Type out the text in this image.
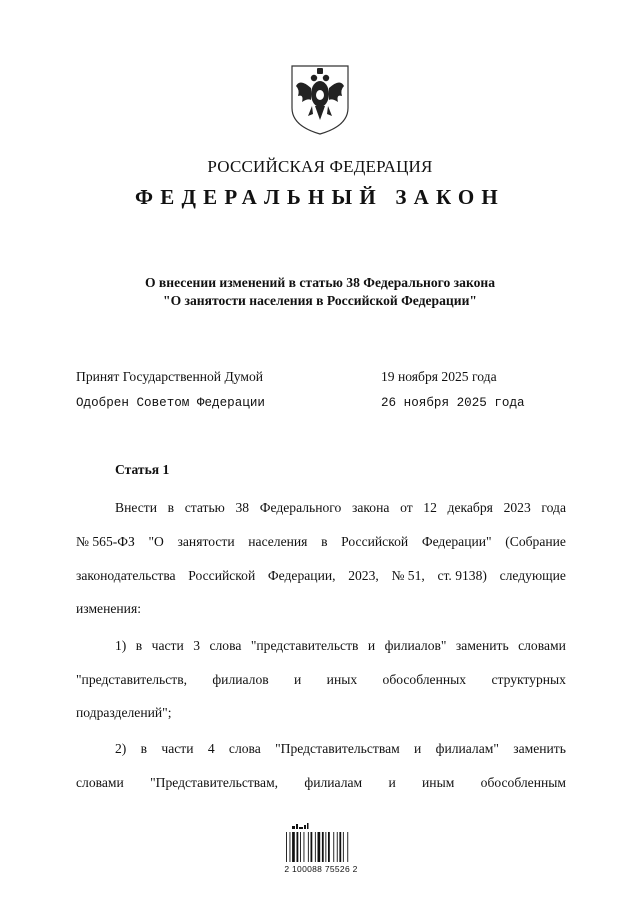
РОССИЙСКАЯ ФЕДЕРАЦИЯ
ФЕДЕРАЛЬНЫЙ ЗАКОН
О внесении изменений в статью 38 Федерального закона
"О занятости населения в Российской Федерации"
Принят Государственной Думой	19 ноября 2025 года
Одобрен Советом Федерации	26 ноября 2025 года
Статья 1
Внести в статью 38 Федерального закона от 12 декабря 2023 года
№ 565-ФЗ "О занятости населения в Российской Федерации" (Собрание
законодательства Российской Федерации, 2023, № 51, ст. 9138) следующие
изменения:
1) в части 3 слова "представительств и филиалов" заменить словами
"представительств, филиалов и иных обособленных структурных
подразделений";
2) в части 4 слова "Представительствам и филиалам" заменить
словами "Представительствам, филиалам и иным обособленным
2 100088 75526 2
